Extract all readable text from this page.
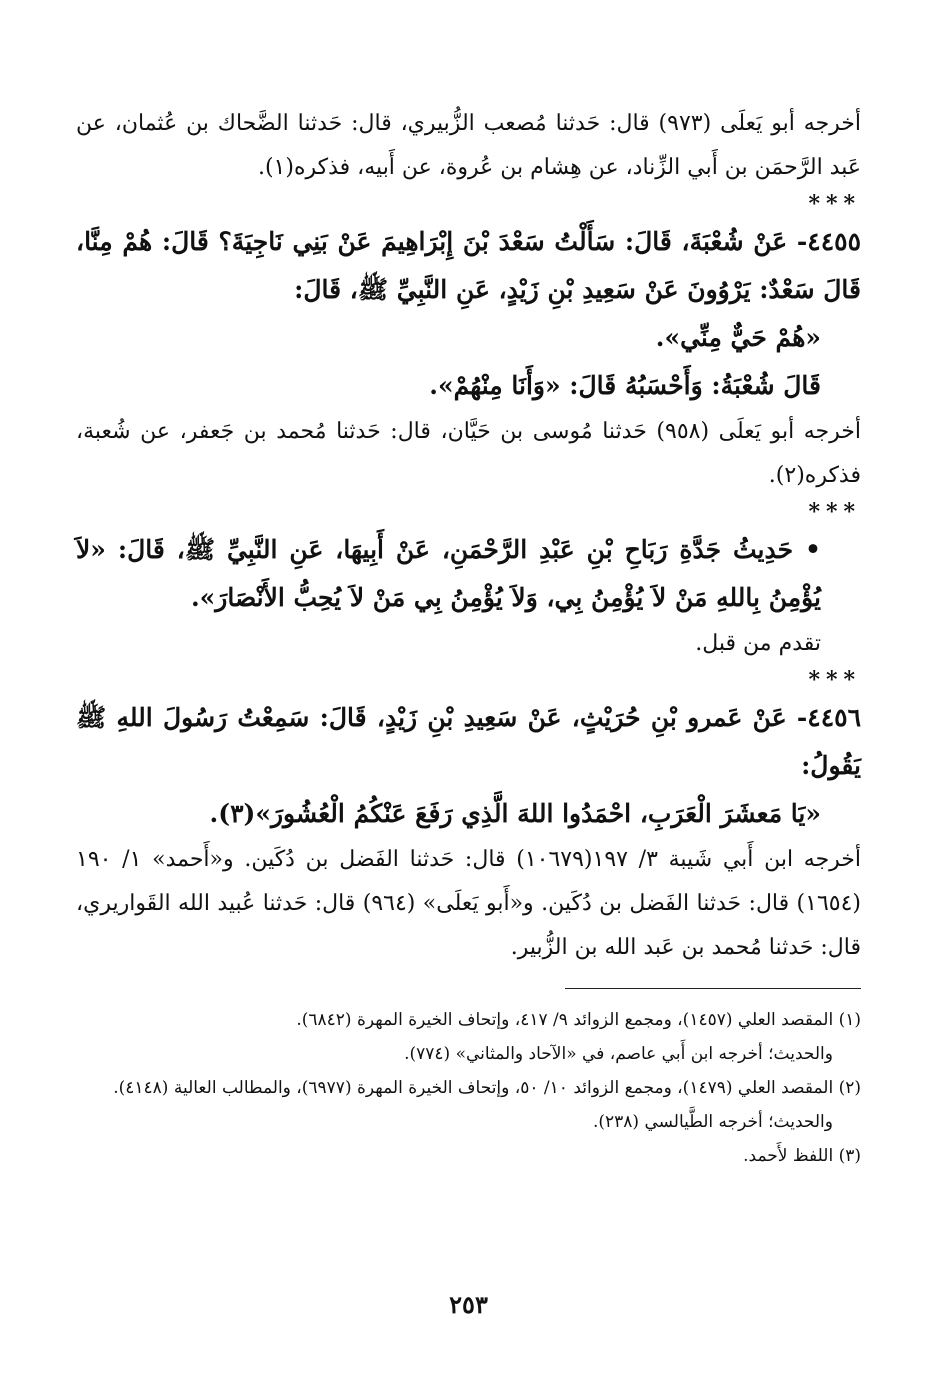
أخرجه أبو يَعلَى (٩٧٣) قال: حَدثنا مُصعب الزُّبيري، قال: حَدثنا الضَّحاك بن عُثمان، عن عَبد الرَّحمَن بن أَبي الزِّناد، عن هِشام بن عُروة، عن أَبيه، فذكره(١).

***

٤٤٥٥- عَنْ شُعْبَةَ، قَالَ: سَأَلْتُ سَعْدَ بْنَ إِبْرَاهِيمَ عَنْ بَنِي نَاجِيَةَ؟ قَالَ: هُمْ مِنَّا، قَالَ سَعْدٌ: يَرْوُونَ عَنْ سَعِيدِ بْنِ زَيْدٍ، عَنِ النَّبِيِّ ﷺ، قَالَ:

«هُمْ حَيٌّ مِنِّي».

قَالَ شُعْبَةُ: وَأَحْسَبُهُ قَالَ: «وَأَنَا مِنْهُمْ».

أخرجه أبو يَعلَى (٩٥٨) حَدثنا مُوسى بن حَيَّان، قال: حَدثنا مُحمد بن جَعفر، عن شُعبة، فذكره(٢).

***

• حَدِيثُ جَدَّةِ رَبَاحِ بْنِ عَبْدِ الرَّحْمَنِ، عَنْ أَبِيهَا، عَنِ النَّبِيِّ ﷺ، قَالَ: «لاَ يُؤْمِنُ بِاللهِ مَنْ لاَ يُؤْمِنُ بِي، وَلاَ يُؤْمِنُ بِي مَنْ لاَ يُحِبُّ الأَنْصَارَ».

تقدم من قبل.

***

٤٤٥٦- عَنْ عَمرو بْنِ حُرَيْثٍ، عَنْ سَعِيدِ بْنِ زَيْدٍ، قَالَ: سَمِعْتُ رَسُولَ اللهِ ﷺ يَقُولُ:

«يَا مَعشَرَ الْعَرَبِ، احْمَدُوا اللهَ الَّذِي رَفَعَ عَنْكُمُ الْعُشُورَ»(٣).

أخرجه ابن أَبي شَيبة ٣/ ١٩٧(١٠٦٧٩) قال: حَدثنا الفَضل بن دُكَين. و«أَحمد» ١/ ١٩٠ (١٦٥٤) قال: حَدثنا الفَضل بن دُكَين. و«أَبو يَعلَى» (٩٦٤) قال: حَدثنا عُبيد الله القَواريري، قال: حَدثنا مُحمد بن عَبد الله بن الزُّبير.

(١) المقصد العلي (١٤٥٧)، ومجمع الزوائد ٩/ ٤١٧، وإتحاف الخيرة المهرة (٦٨٤٢).

والحديث؛ أخرجه ابن أَبي عاصم، في «الآحاد والمثاني» (٧٧٤).

(٢) المقصد العلي (١٤٧٩)، ومجمع الزوائد ١٠/ ٥٠، وإتحاف الخيرة المهرة (٦٩٧٧)، والمطالب العالية (٤١٤٨).

والحديث؛ أخرجه الطَّيالسي (٢٣٨).

(٣) اللفظ لأَحمد.

٢٥٣
